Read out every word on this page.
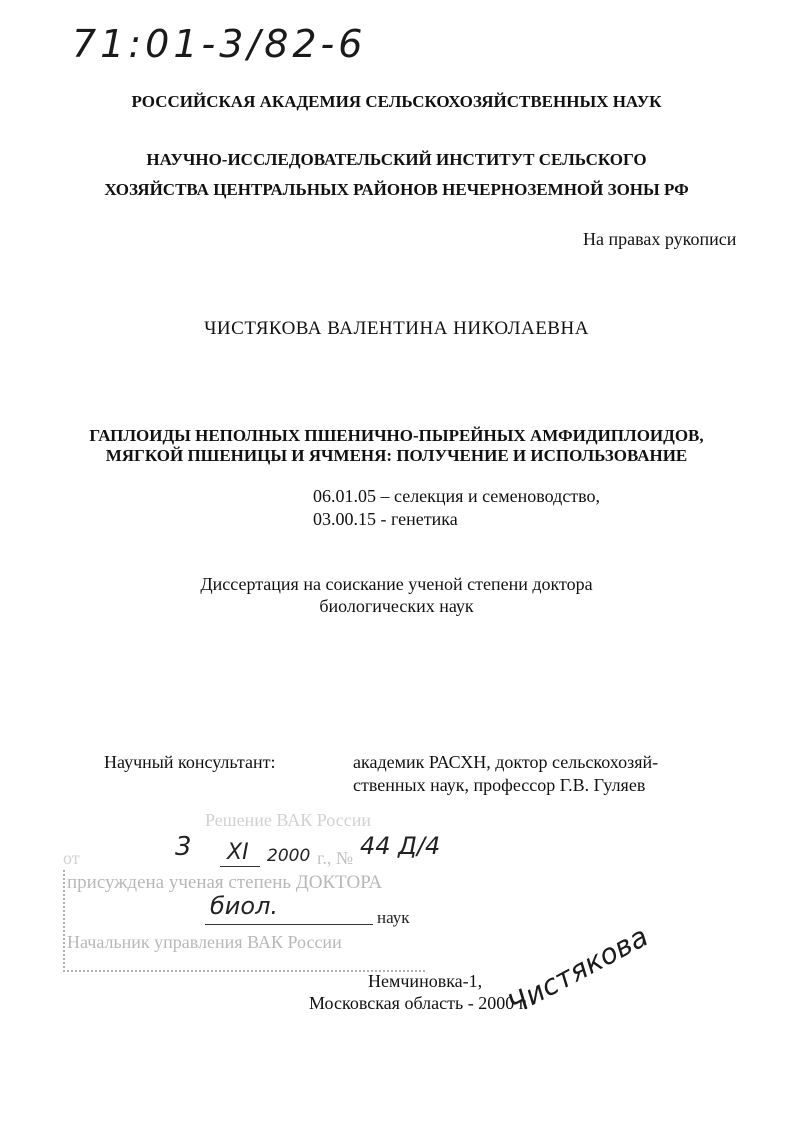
71:01-3/82-6
РОССИЙСКАЯ АКАДЕМИЯ СЕЛЬСКОХОЗЯЙСТВЕННЫХ НАУК
НАУЧНО-ИССЛЕДОВАТЕЛЬСКИЙ ИНСТИТУТ СЕЛЬСКОГО
ХОЗЯЙСТВА ЦЕНТРАЛЬНЫХ РАЙОНОВ НЕЧЕРНОЗЕМНОЙ ЗОНЫ РФ
На правах рукописи
ЧИСТЯКОВА ВАЛЕНТИНА НИКОЛАЕВНА
ГАПЛОИДЫ НЕПОЛНЫХ ПШЕНИЧНО-ПЫРЕЙНЫХ АМФИДИПЛОИДОВ,
МЯГКОЙ ПШЕНИЦЫ И ЯЧМЕНЯ: ПОЛУЧЕНИЕ И ИСПОЛЬЗОВАНИЕ
06.01.05 – селекция и семеноводство,
03.00.15 - генетика
Диссертация на соискание ученой степени доктора
биологических наук
Научный консультант:	академик РАСХН, доктор сельскохозяй-
ственных наук, профессор Г.В. Гуляев
Решение ВАК России
от	г., №
3 XI 2000 44 Д/4
присуждена ученая степень ДОКТОРА
биол.	наук
Начальник управления ВАК России
Немчиновка-1,
Московская область - 2000 г.
Чистякова
